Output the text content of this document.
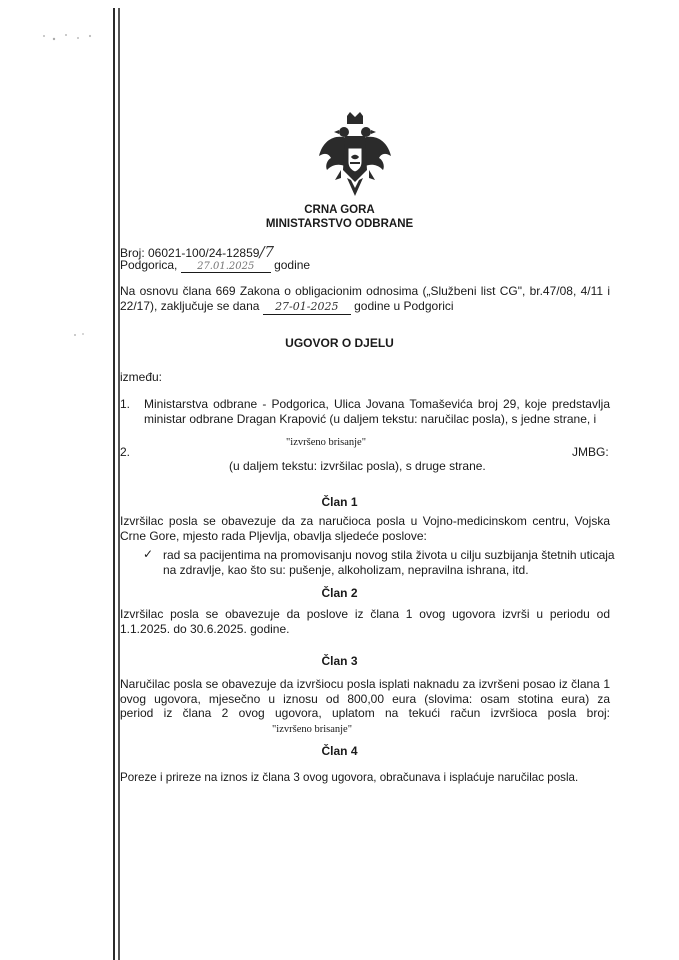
CRNA GORA
MINISTARSTVO ODBRANE
Broj: 06021-100/24-12859/7
Podgorica, 27.01.2025 godine
Na osnovu člana 669 Zakona o obligacionim odnosima („Službeni list CG", br.47/08, 4/11 i
22/17), zaključuje se dana 27-01-2025 godine u Podgorici
UGOVOR O DJELU
između:
1. Ministarstva odbrane - Podgorica, Ulica Jovana Tomaševića broj 29, koje predstavlja
ministar odbrane Dragan Krapović (u daljem tekstu: naručilac posla), s jedne strane, i
2.
"izvršeno brisanje"
JMBG:
(u daljem tekstu: izvršilac posla), s druge strane.
Član 1
Izvršilac posla se obavezuje da za naručioca posla u Vojno-medicinskom centru, Vojska
Crne Gore, mjesto rada Pljevlja, obavlja sljedeće poslove:
✓ rad sa pacijentima na promovisanju novog stila života u cilju suzbijanja štetnih uticaja
na zdravlje, kao što su: pušenje, alkoholizam, nepravilna ishrana, itd.
Član 2
Izvršilac posla se obavezuje da poslove iz člana 1 ovog ugovora izvrši u periodu od
1.1.2025. do 30.6.2025. godine.
Član 3
Naručilac posla se obavezuje da izvršiocu posla isplati naknadu za izvršeni posao iz člana 1
ovog ugovora, mjesečno u iznosu od 800,00 eura (slovima: osam stotina eura) za
period iz člana 2 ovog ugovora, uplatom na tekući račun izvršioca posla broj:
"izvršeno brisanje"
Član 4
Poreze i prireze na iznos iz člana 3 ovog ugovora, obračunava i isplaćuje naručilac posla.
